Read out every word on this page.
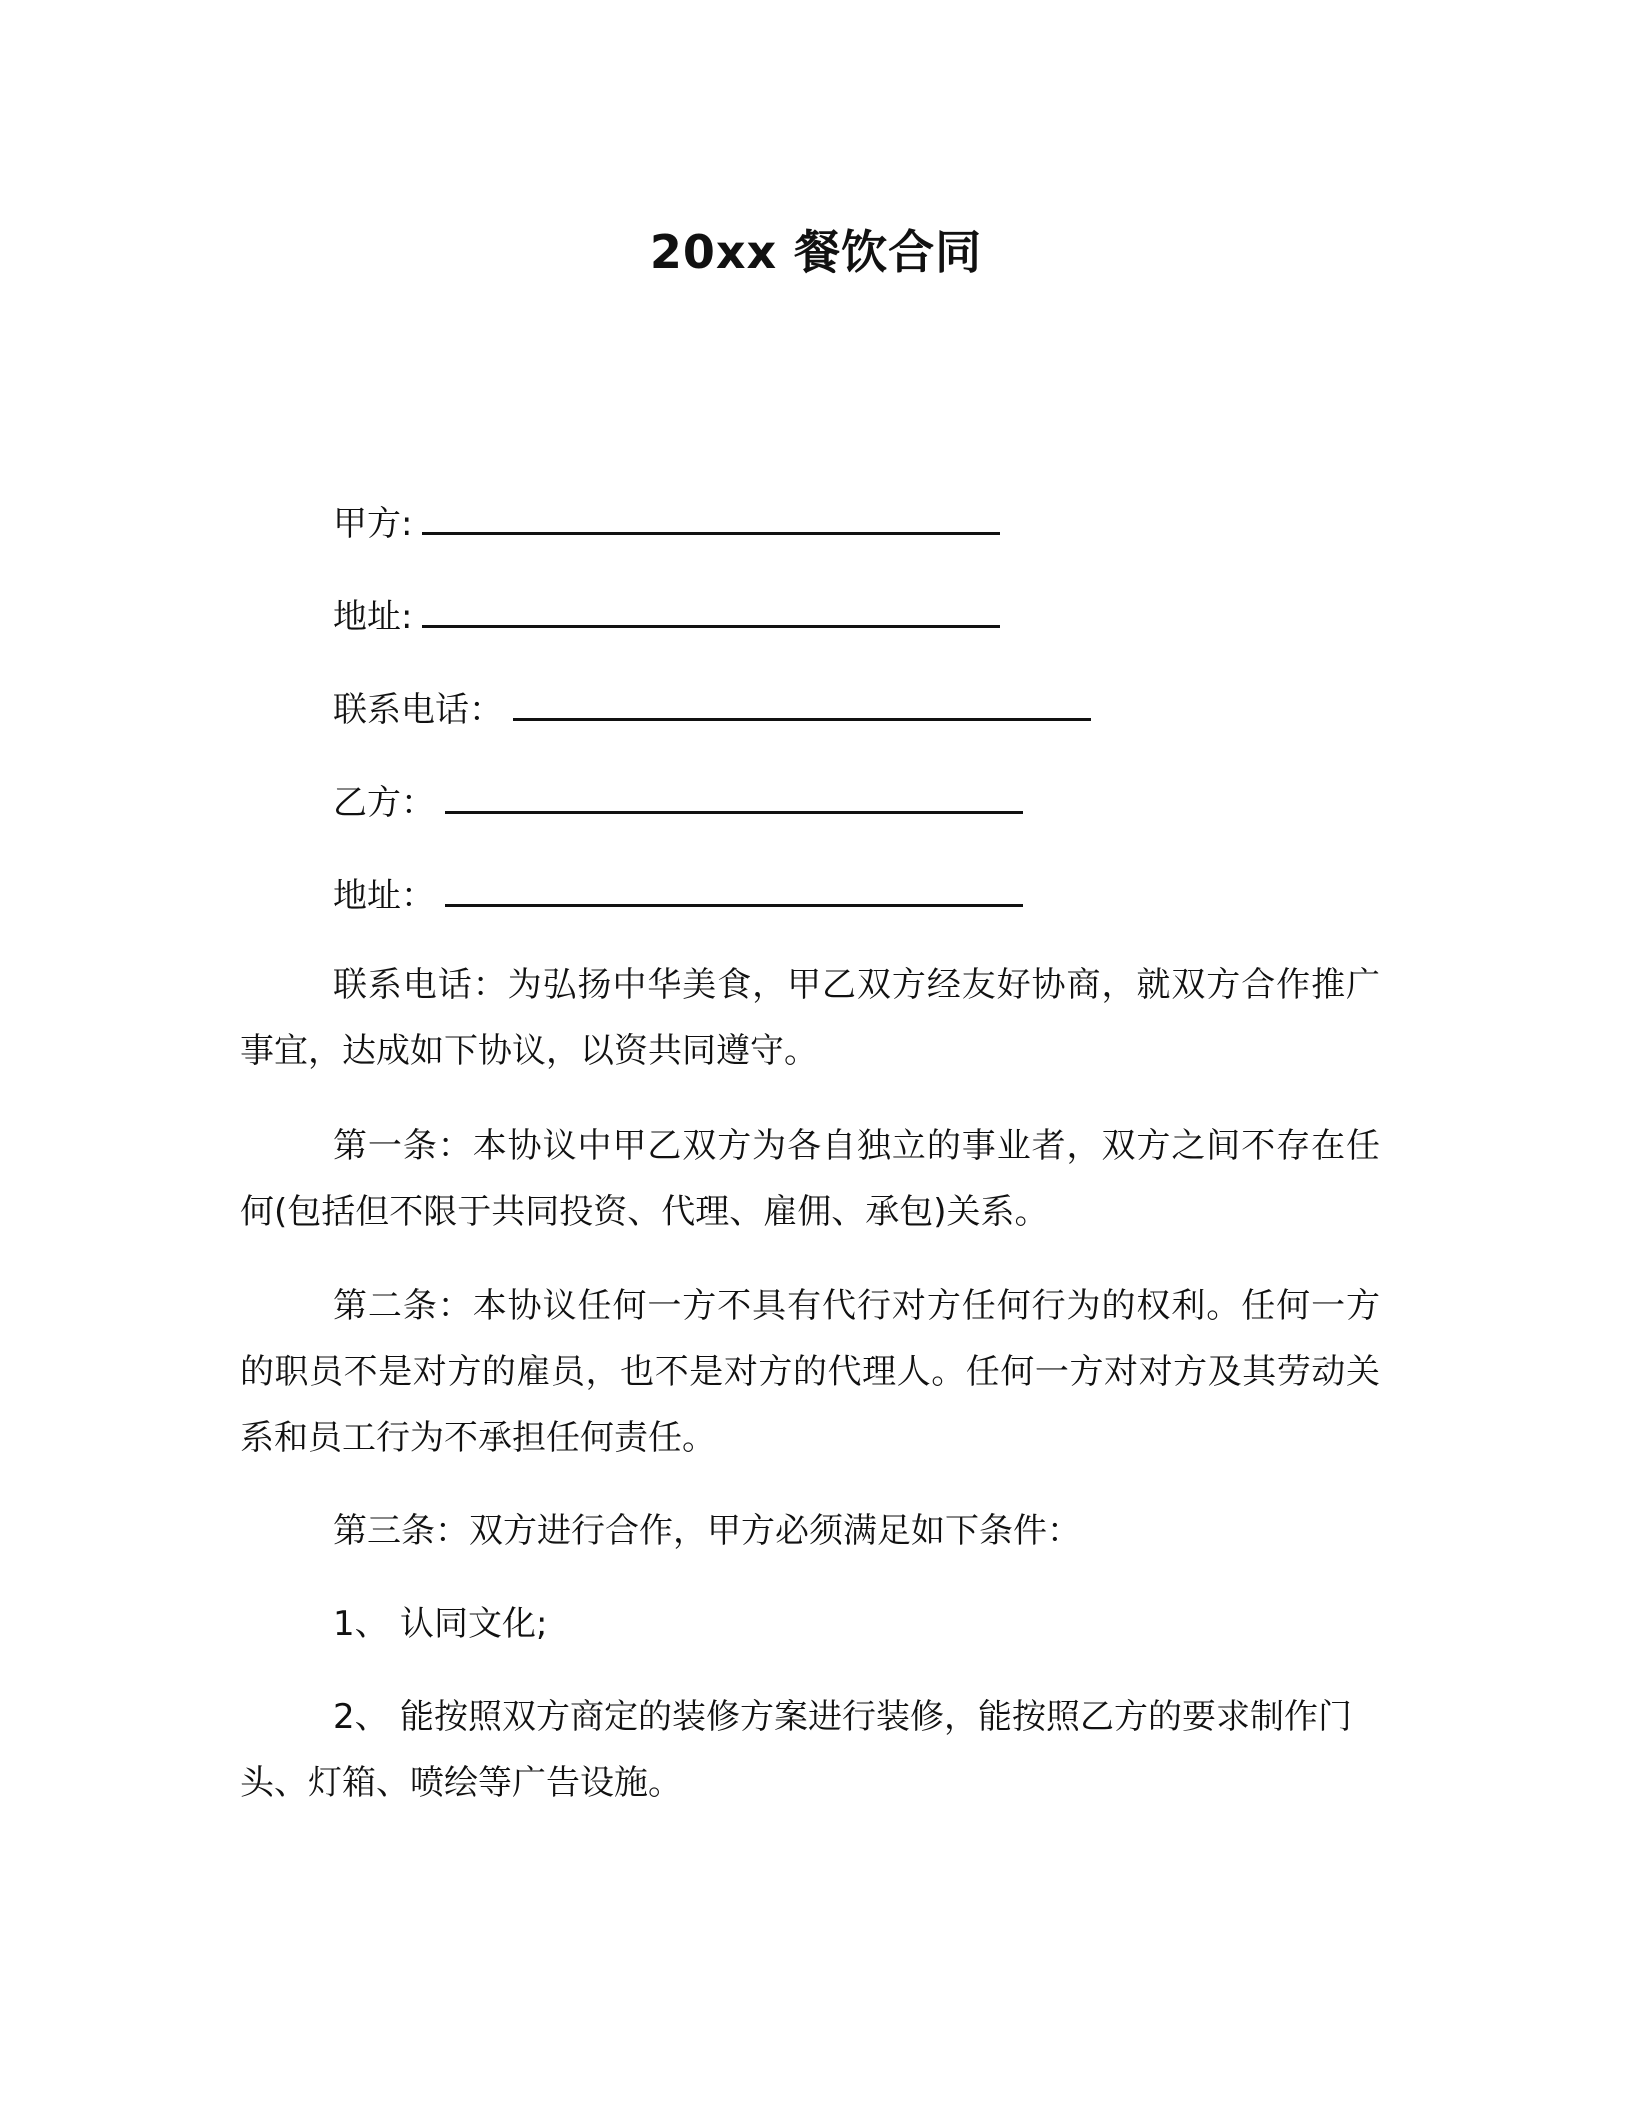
20xx 餐饮合同
甲方:
地址:
联系电话：
乙方：
地址：

联系电话：为弘扬中华美食，甲乙双方经友好协商，就双方合作推广事宜，达成如下协议，以资共同遵守。

第一条：本协议中甲乙双方为各自独立的事业者，双方之间不存在任何(包括但不限于共同投资、代理、雇佣、承包)关系。

第二条：本协议任何一方不具有代行对方任何行为的权利。任何一方的职员不是对方的雇员，也不是对方的代理人。任何一方对对方及其劳动关系和员工行为不承担任何责任。

第三条：双方进行合作，甲方必须满足如下条件：

1、 认同文化;

2、 能按照双方商定的装修方案进行装修，能按照乙方的要求制作门头、灯箱、喷绘等广告设施。
